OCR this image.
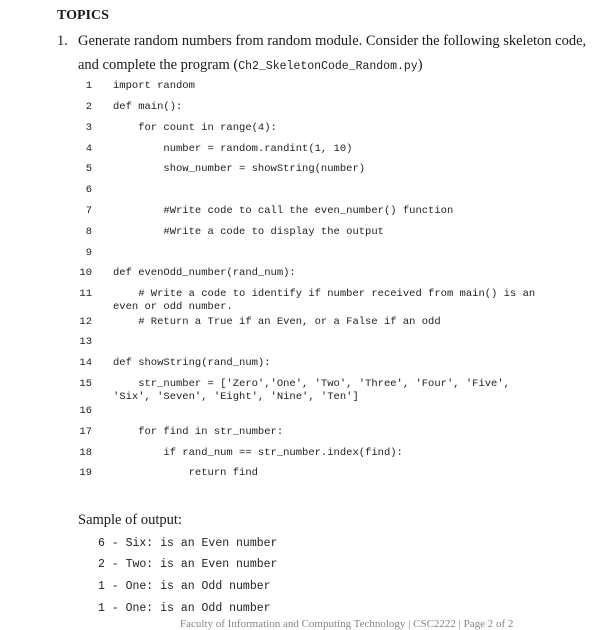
TOPICS
1. Generate random numbers from random module. Consider the following skeleton code,
and complete the program (Ch2_SkeletonCode_Random.py)
1 import random
2 def main():
3 for count in range(4):
4 number = random.randint(1, 10)
5 show_number = showString(number)
6
7 #Write code to call the even_number() function
8 #Write a code to display the output
9
10 def evenOdd_number(rand_num):
11 # Write a code to identify if number received from main() is an
even or odd number.
12 # Return a True if an Even, or a False if an odd
13
14 def showString(rand_num):
15 str_number = ['Zero','One', 'Two', 'Three', 'Four', 'Five',
'Six', 'Seven', 'Eight', 'Nine', 'Ten']
16
17 for find in str_number:
18 if rand_num == str_number.index(find):
19 return find
Sample of output:
6 - Six: is an Even number
2 - Two: is an Even number
1 - One: is an Odd number
1 - One: is an Odd number
Faculty of Information and Computing Technology | CSC2222 | Page 2 of 2
